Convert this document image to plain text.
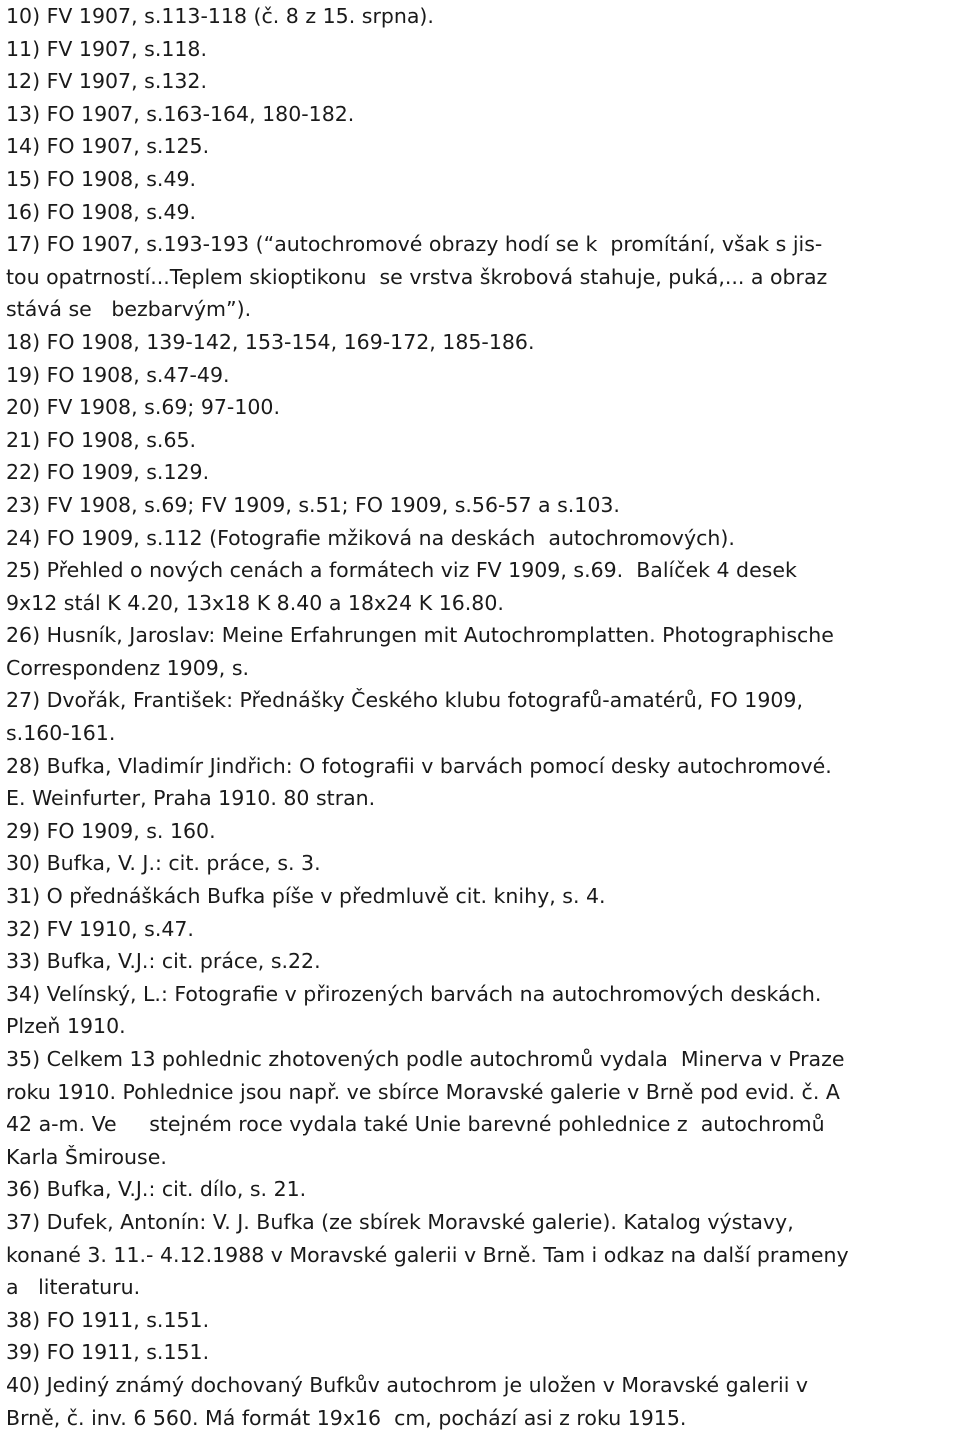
10) FV 1907, s.113-118 (č. 8 z 15. srpna).
11) FV 1907, s.118.
12) FV 1907, s.132.
13) FO 1907, s.163-164, 180-182.
14) FO 1907, s.125.
15) FO 1908, s.49.
16) FO 1908, s.49.
17) FO 1907, s.193-193 (“autochromové obrazy hodí se k  promítání, však s jis-
tou opatrností...Teplem skioptikonu  se vrstva škrobová stahuje, puká,... a obraz
stává se   bezbarvým”).
18) FO 1908, 139-142, 153-154, 169-172, 185-186.
19) FO 1908, s.47-49.
20) FV 1908, s.69; 97-100.
21) FO 1908, s.65.
22) FO 1909, s.129.
23) FV 1908, s.69; FV 1909, s.51; FO 1909, s.56-57 a s.103.
24) FO 1909, s.112 (Fotografie mžiková na deskách  autochromových).
25) Přehled o nových cenách a formátech viz FV 1909, s.69.  Balíček 4 desek
9x12 stál K 4.20, 13x18 K 8.40 a 18x24 K 16.80.
26) Husník, Jaroslav: Meine Erfahrungen mit Autochromplatten. Photographische
Correspondenz 1909, s.
27) Dvořák, František: Přednášky Českého klubu fotografů-amatérů, FO 1909,
s.160-161.
28) Bufka, Vladimír Jindřich: O fotografii v barvách pomocí desky autochromové.
E. Weinfurter, Praha 1910. 80 stran.
29) FO 1909, s. 160.
30) Bufka, V. J.: cit. práce, s. 3.
31) O přednáškách Bufka píše v předmluvě cit. knihy, s. 4.
32) FV 1910, s.47.
33) Bufka, V.J.: cit. práce, s.22.
34) Velínský, L.: Fotografie v přirozených barvách na autochromových deskách.
Plzeň 1910.
35) Celkem 13 pohlednic zhotovených podle autochromů vydala  Minerva v Praze
roku 1910. Pohlednice jsou např. ve sbírce Moravské galerie v Brně pod evid. č. A
42 a-m. Ve     stejném roce vydala také Unie barevné pohlednice z  autochromů
Karla Šmirouse.
36) Bufka, V.J.: cit. dílo, s. 21.
37) Dufek, Antonín: V. J. Bufka (ze sbírek Moravské galerie). Katalog výstavy,
konané 3. 11.- 4.12.1988 v Moravské galerii v Brně. Tam i odkaz na další prameny
a   literaturu.
38) FO 1911, s.151.
39) FO 1911, s.151.
40) Jediný známý dochovaný Bufkův autochrom je uložen v Moravské galerii v
Brně, č. inv. 6 560. Má formát 19x16  cm, pochází asi z roku 1915.
